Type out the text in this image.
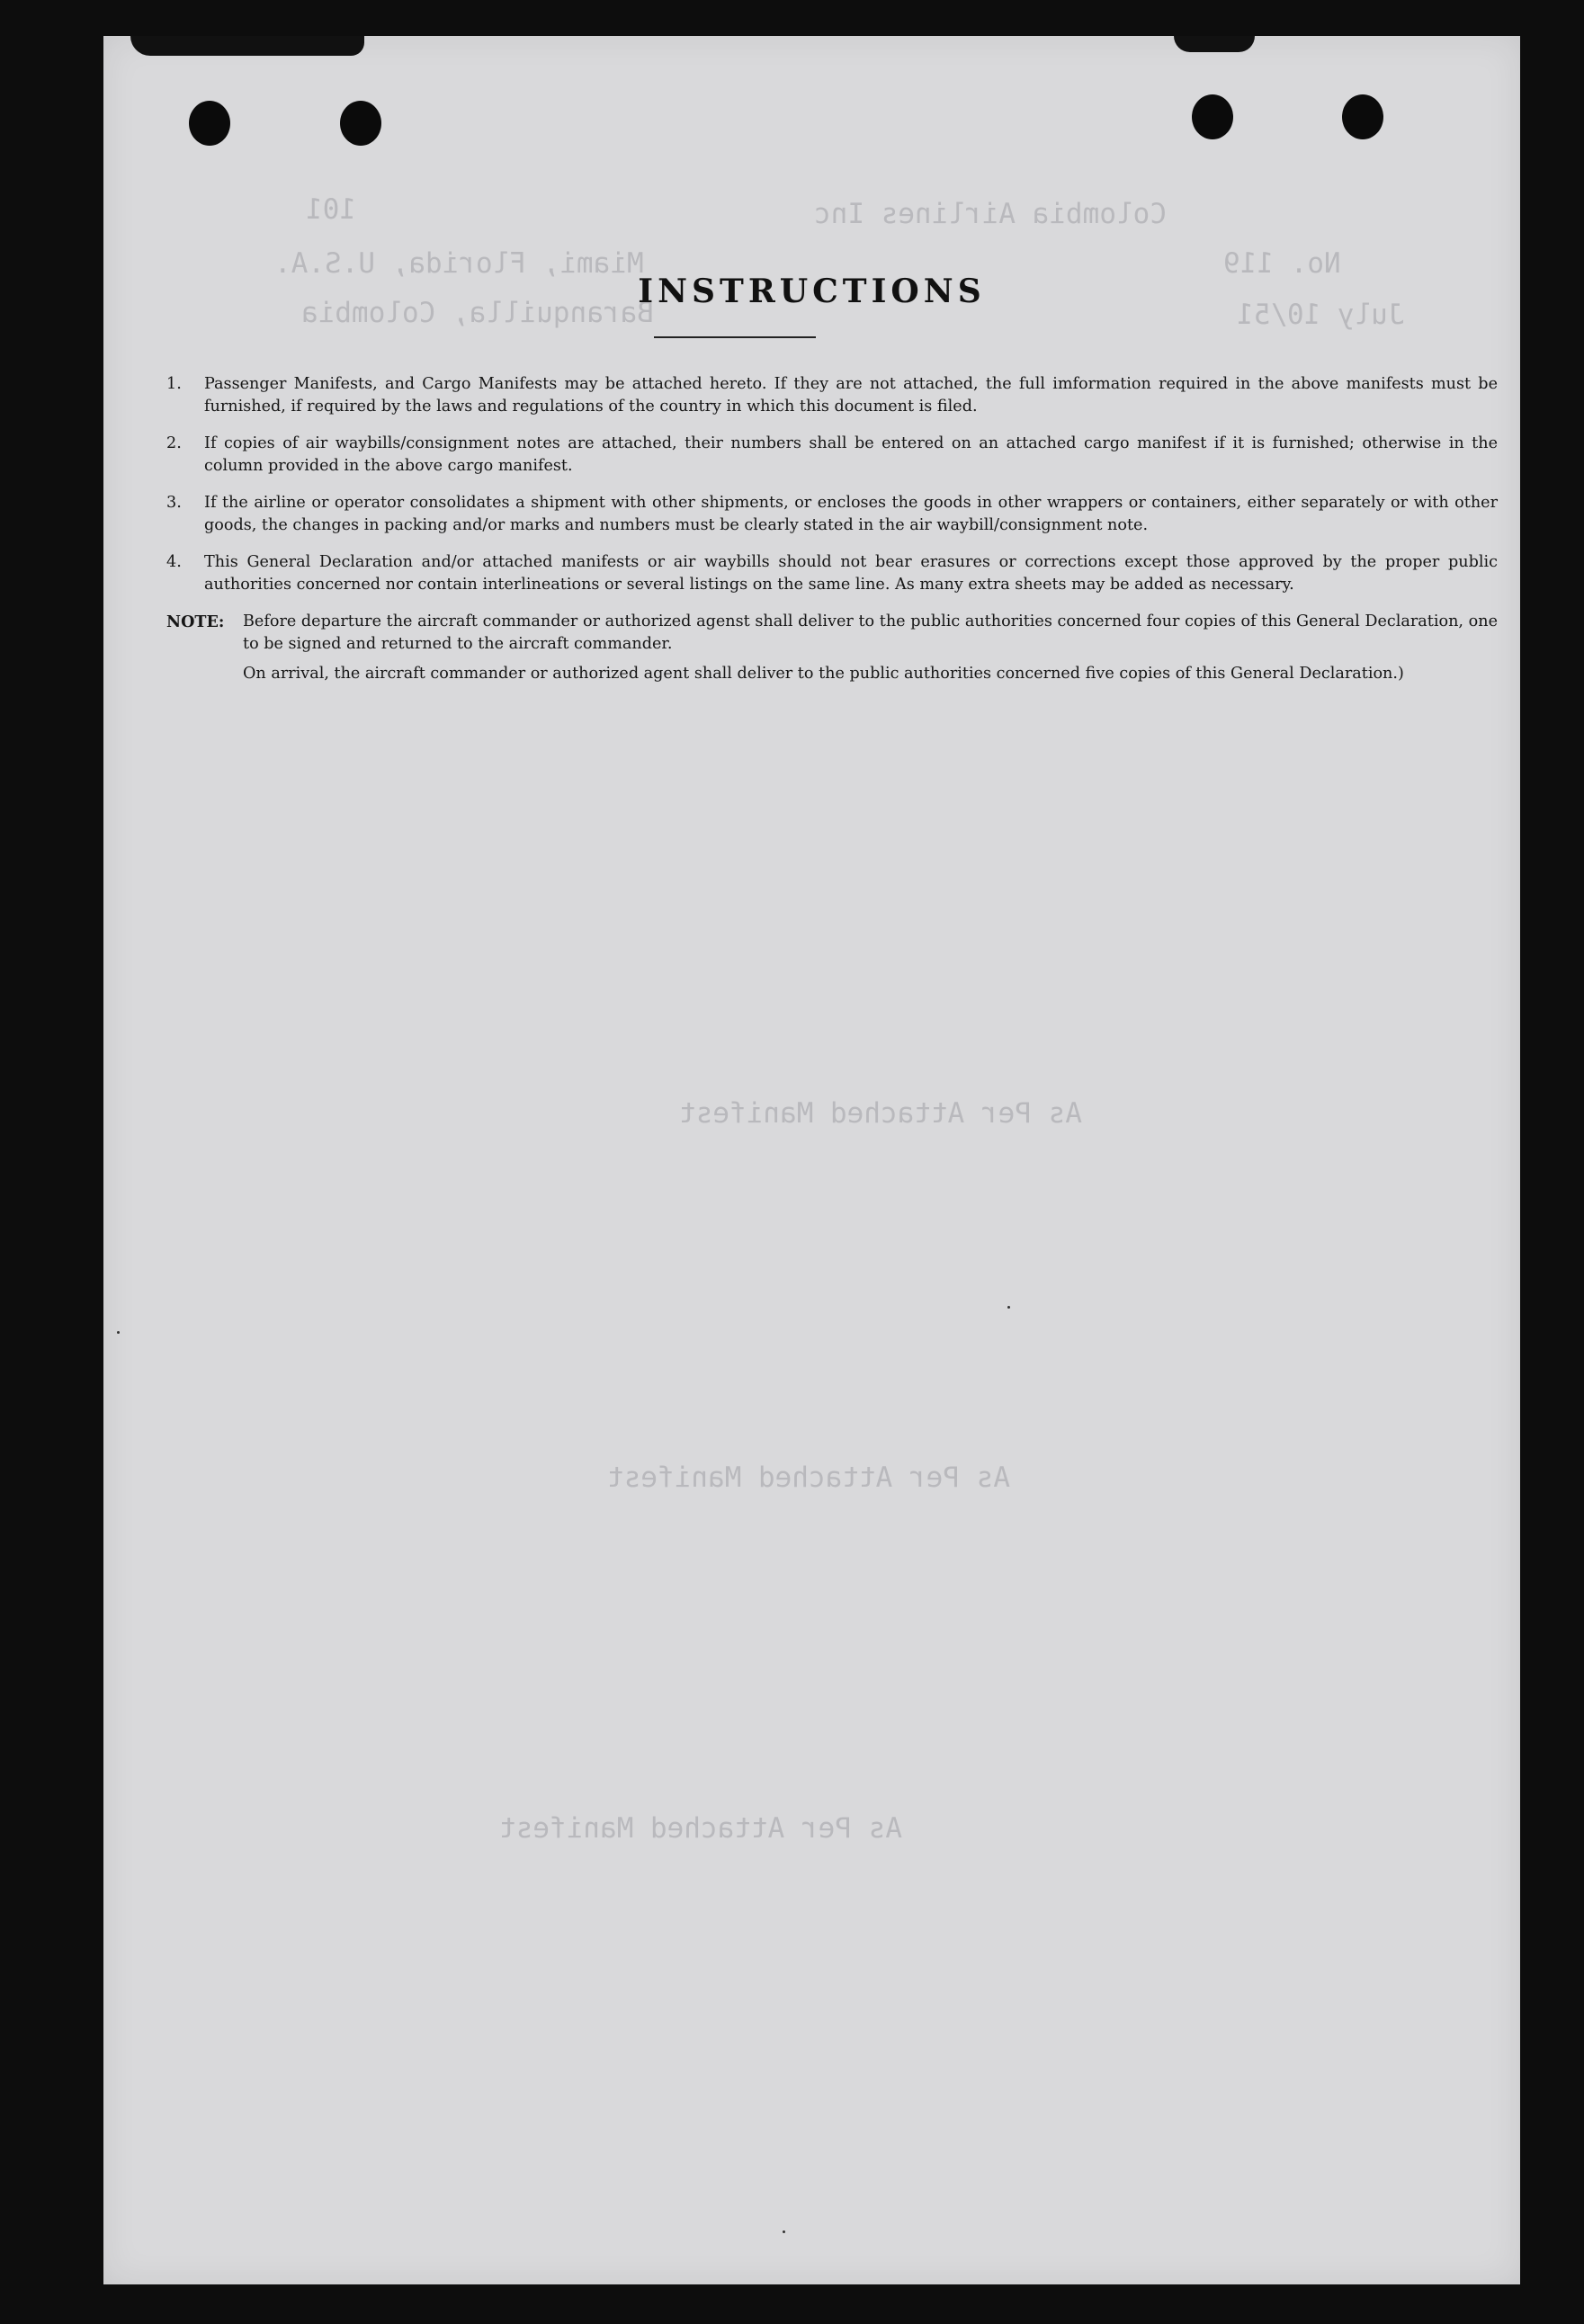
101	Colombia Airlines Inc
Miami, Florida, U.S.A.	No. 119
Baranquilla, Colombia	July 10/51
As Per Attached Manifest
As Per Attached Manifest
As Per Attached Manifest
INSTRUCTIONS
1.	Passenger Manifests, and Cargo Manifests may be attached hereto. If they are not attached, the full imformation required in the above manifests must be furnished, if required by the laws and regulations of the country in which this document is filed.
2.	If copies of air waybills/consignment notes are attached, their numbers shall be entered on an attached cargo manifest if it is furnished; otherwise in the column provided in the above cargo manifest.
3.	If the airline or operator consolidates a shipment with other shipments, or encloses the goods in other wrappers or containers, either separately or with other goods, the changes in packing and/or marks and numbers must be clearly stated in the air waybill/consignment note.
4.	This General Declaration and/or attached manifests or air waybills should not bear erasures or corrections except those approved by the proper public authorities concerned nor contain interlineations or several listings on the same line. As many extra sheets may be added as necessary.
NOTE:	Before departure the aircraft commander or authorized agenst shall deliver to the public authorities concerned four copies of this General Declaration, one to be signed and returned to the aircraft commander.

On arrival, the aircraft commander or authorized agent shall deliver to the public authorities concerned five copies of this General Declaration.)
